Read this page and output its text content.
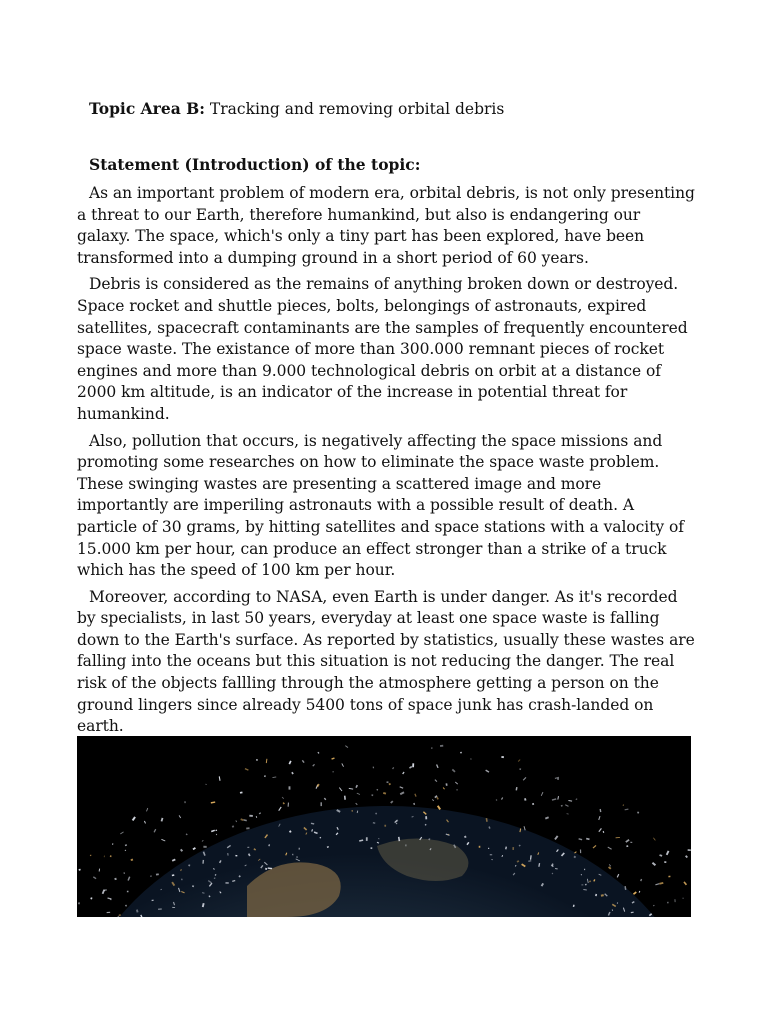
Topic Area B: Tracking and removing orbital debris
Statement (Introduction) of the topic:

As an important problem of modern era, orbital debris, is not only presenting a threat to our Earth, therefore humankind, but also is endangering our galaxy. The space, which's only a tiny part has been explored, have been transformed into a dumping ground in a short period of 60 years.

Debris is considered as the remains of anything broken down or destroyed. Space rocket and shuttle pieces, bolts, belongings of astronauts, expired satellites, spacecraft contaminants are the samples of frequently encountered space waste. The existance of more than 300.000 remnant pieces of rocket engines and more than 9.000 technological debris on orbit at a distance of 2000 km altitude, is an indicator of the increase in potential threat for humankind.

Also, pollution that occurs, is negatively affecting the space missions and promoting some researches on how to eliminate the space waste problem. These swinging wastes are presenting a scattered image and more importantly are imperiling astronauts with a possible result of death. A particle of 30 grams, by hitting satellites and space stations with a valocity of 15.000 km per hour, can produce an effect stronger than a strike of a truck which has the speed of 100 km per hour.

Moreover, according to NASA, even Earth is under danger. As it's recorded by specialists, in last 50 years, everyday at least one space waste is falling down to the Earth's surface. As reported by statistics, usually these wastes are falling into the oceans but this situation is not reducing the danger. The real risk of the objects fallling through the atmosphere getting a person on the ground lingers since already 5400 tons of space junk has crash-landed on earth.
